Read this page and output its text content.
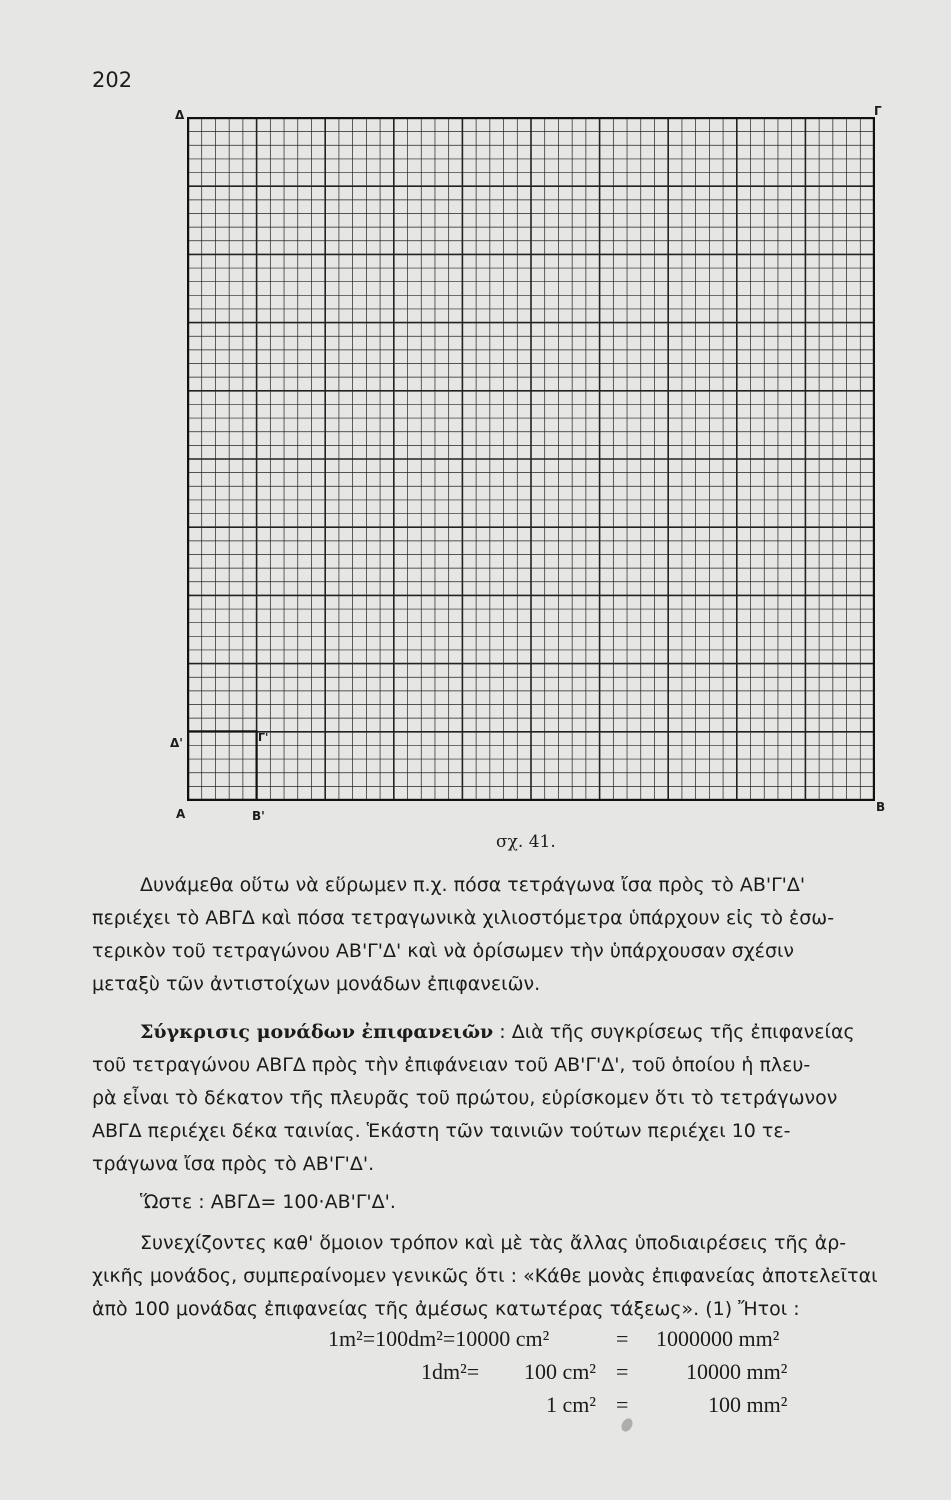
202
Δ	Γ
Α	Β
Δ'
Β'
Γ'
σχ. 41.
Δυνάμεθα οὕτω νὰ εὕρωμεν π.χ. πόσα τετράγωνα ἴσα πρὸς τὸ ΑΒ'Γ'Δ'
περιέχει τὸ ΑΒΓΔ καὶ πόσα τετραγωνικὰ χιλιοστόμετρα ὑπάρχουν εἰς τὸ ἐσω-
τερικὸν τοῦ τετραγώνου ΑΒ'Γ'Δ' καὶ νὰ ὁρίσωμεν τὴν ὑπάρχουσαν σχέσιν
μεταξὺ τῶν ἀντιστοίχων μονάδων ἐπιφανειῶν.
Σύγκρισις μονάδων ἐπιφανειῶν : Διὰ τῆς συγκρίσεως τῆς ἐπιφανείας
τοῦ τετραγώνου ΑΒΓΔ πρὸς τὴν ἐπιφάνειαν τοῦ ΑΒ'Γ'Δ', τοῦ ὁποίου ἡ πλευ-
ρὰ εἶναι τὸ δέκατον τῆς πλευρᾶς τοῦ πρώτου, εὑρίσκομεν ὅτι τὸ τετράγωνον
ΑΒΓΔ περιέχει δέκα ταινίας. Ἑκάστη τῶν ταινιῶν τούτων περιέχει 10 τε-
τράγωνα ἴσα πρὸς τὸ ΑΒ'Γ'Δ'.
Ὥστε : ΑΒΓΔ= 100·ΑΒ'Γ'Δ'.
Συνεχίζοντες καθ' ὅμοιον τρόπον καὶ μὲ τὰς ἄλλας ὑποδιαιρέσεις τῆς ἀρ-
χικῆς μονάδος, συμπεραίνομεν γενικῶς ὅτι : «Κάθε μονὰς ἐπιφανείας ἀποτελεῖται
ἀπὸ 100 μονάδας ἐπιφανείας τῆς ἀμέσως κατωτέρας τάξεως». (1) Ἤτοι :
1m²=100dm²=10000 cm²	= 1000000 mm²
1dm²= 100 cm² =	10000 mm²
1 cm² =	100 mm²
